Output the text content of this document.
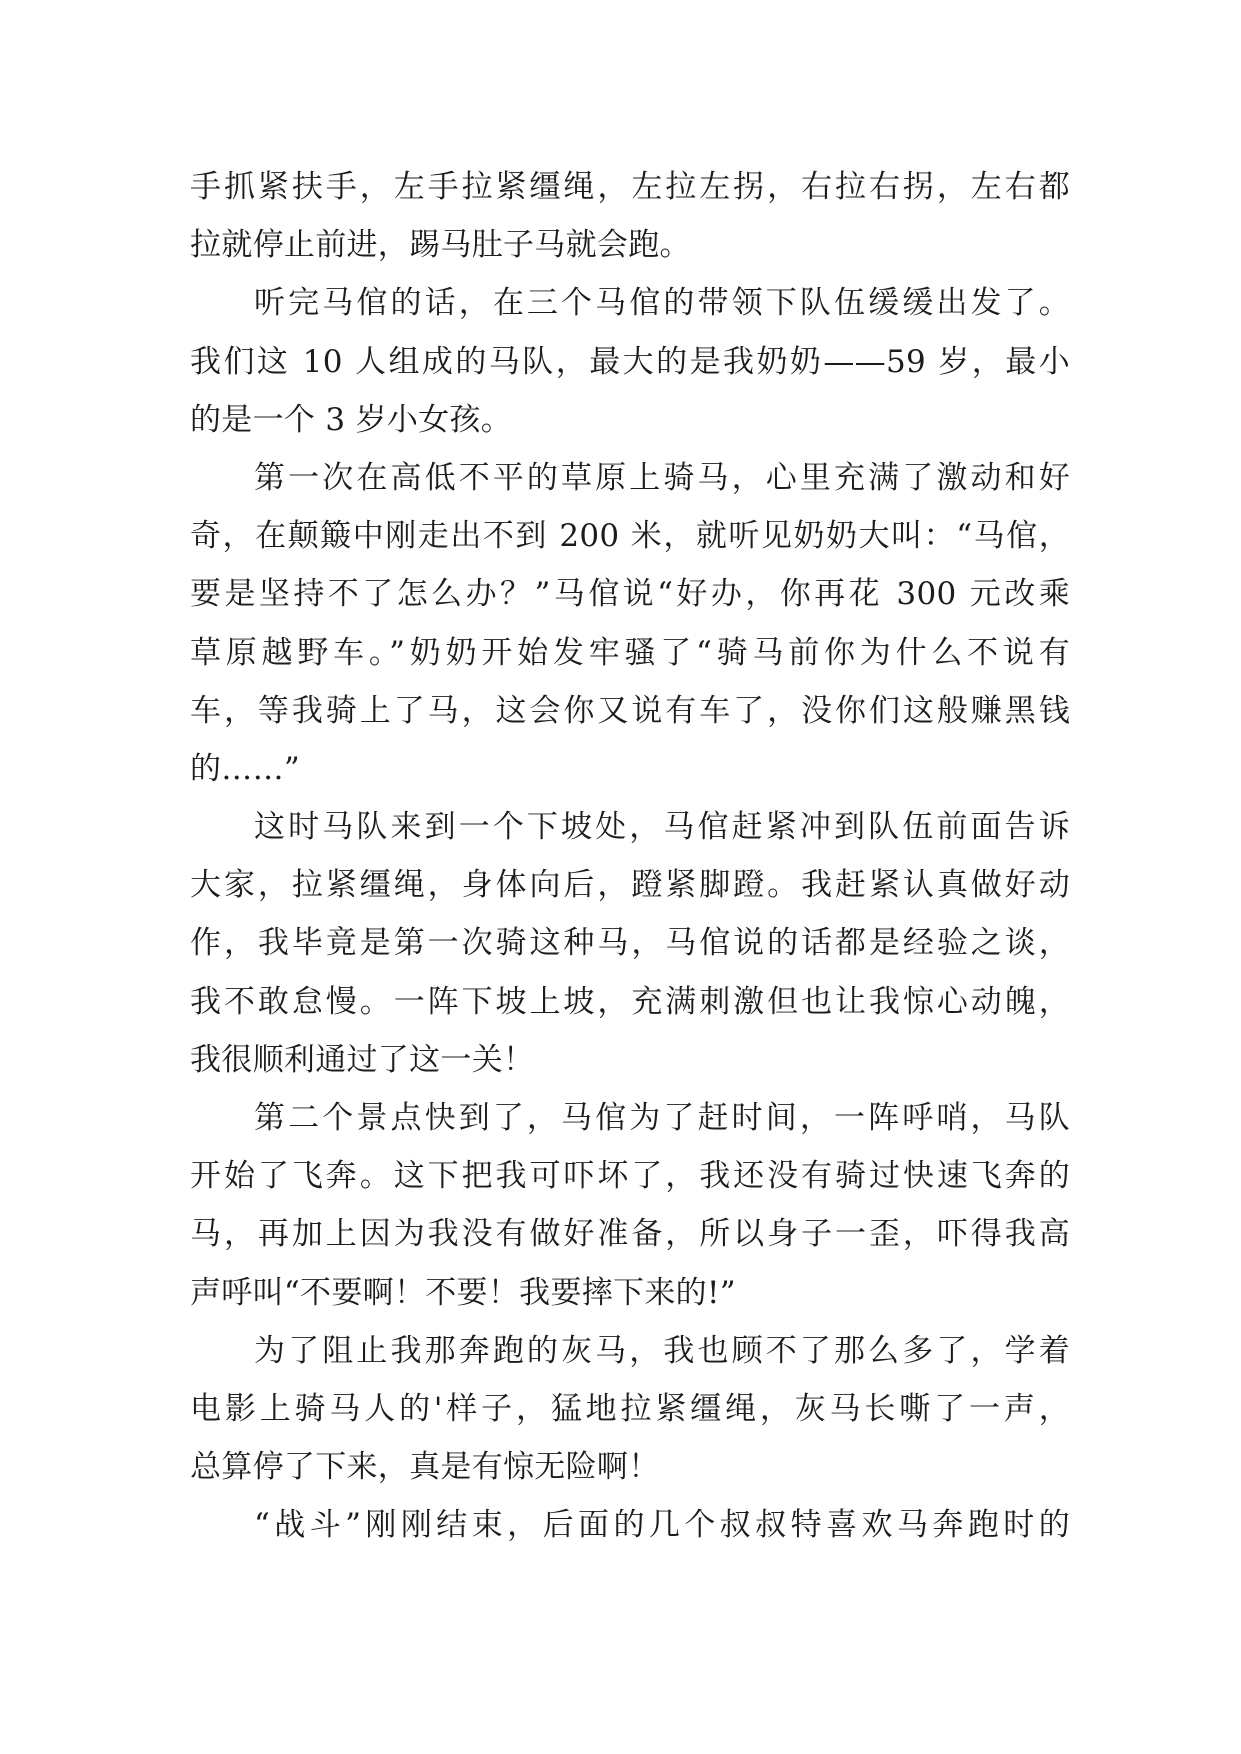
手抓紧扶手，左手拉紧缰绳，左拉左拐，右拉右拐，左右都
拉就停止前进，踢马肚子马就会跑。
听完马倌的话，在三个马倌的带领下队伍缓缓出发了。
我们这 10 人组成的马队，最大的是我奶奶——59 岁，最小
的是一个 3 岁小女孩。
第一次在高低不平的草原上骑马，心里充满了激动和好
奇，在颠簸中刚走出不到 200 米，就听见奶奶大叫：“马倌，
要是坚持不了怎么办？”马倌说“好办，你再花 300 元改乘
草原越野车。”奶奶开始发牢骚了“骑马前你为什么不说有
车，等我骑上了马，这会你又说有车了，没你们这般赚黑钱
的……”
这时马队来到一个下坡处，马倌赶紧冲到队伍前面告诉
大家，拉紧缰绳，身体向后，蹬紧脚蹬。我赶紧认真做好动
作，我毕竟是第一次骑这种马，马倌说的话都是经验之谈，
我不敢怠慢。一阵下坡上坡，充满刺激但也让我惊心动魄，
我很顺利通过了这一关！
第二个景点快到了，马倌为了赶时间，一阵呼哨，马队
开始了飞奔。这下把我可吓坏了，我还没有骑过快速飞奔的
马，再加上因为我没有做好准备，所以身子一歪，吓得我高
声呼叫“不要啊！不要！我要摔下来的!”
为了阻止我那奔跑的灰马，我也顾不了那么多了，学着
电影上骑马人的'样子，猛地拉紧缰绳，灰马长嘶了一声，
总算停了下来，真是有惊无险啊！
“战斗”刚刚结束，后面的几个叔叔特喜欢马奔跑时的
